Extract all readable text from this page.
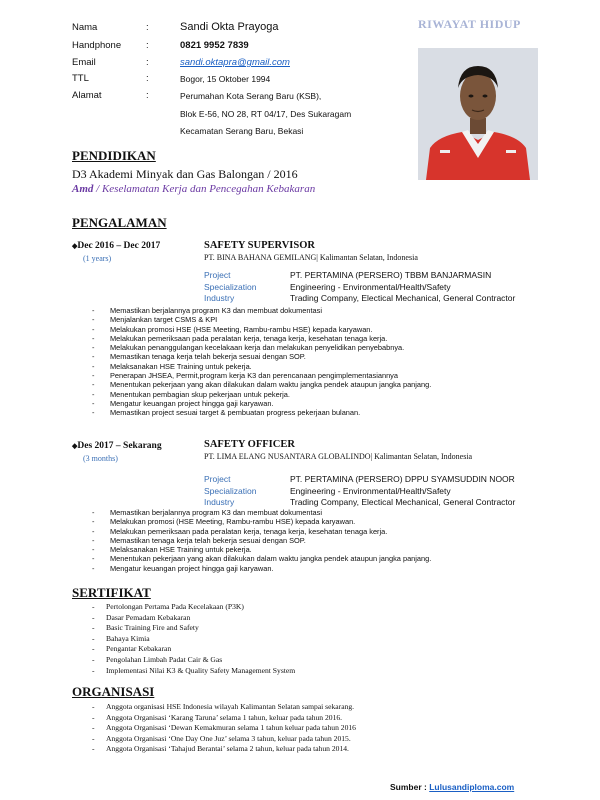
RIWAYAT HIDUP
Nama	:	Sandi Okta Prayoga
Handphone	:	0821 9952 7839
Email	:	sandi.oktapra@gmail.com
TTL	:	Bogor, 15 Oktober 1994
Alamat	:	Perumahan Kota Serang Baru (KSB),
Blok E-56, NO 28, RT 04/17, Des Sukaragam
Kecamatan Serang Baru, Bekasi
PENDIDIKAN
D3 Akademi Minyak dan Gas Balongan / 2016
Amd / Keselamatan Kerja dan Pencegahan Kebakaran
PENGALAMAN
◆Dec 2016 – Dec 2017
(1 years)
SAFETY SUPERVISOR
PT. BINA BAHANA GEMILANG| Kalimantan Selatan, Indonesia
Project	PT. PERTAMINA (PERSERO) TBBM BANJARMASIN
Specialization	Engineering - Environmental/Health/Safety
Industry	Trading Company, Electical Mechanical, General Contractor
- Memastikan berjalannya program K3 dan membuat dokumentasi
- Menjalankan target CSMS & KPI
- Melakukan promosi HSE (HSE Meeting, Rambu-rambu HSE) kepada karyawan.
- Melakukan pemeriksaan pada peralatan kerja, tenaga kerja, kesehatan tenaga kerja.
- Melakukan penanggulangan kecelakaan kerja dan melakukan penyelidikan penyebabnya.
- Memastikan tenaga kerja telah bekerja sesuai dengan SOP.
- Melaksanakan HSE Training untuk pekerja.
- Penerapan JHSEA, Permit,program kerja K3 dan perencanaan pengimplementasiannya
- Menentukan pekerjaan yang akan dilakukan dalam waktu jangka pendek ataupun jangka panjang.
- Menentukan pembagian skup pekerjaan untuk pekerja.
- Mengatur keuangan project hingga gaji karyawan.
- Memastikan project sesuai target & pembuatan progress pekerjaan bulanan.
◆Des 2017 – Sekarang
(3 months)
SAFETY OFFICER
PT. LIMA ELANG NUSANTARA GLOBALINDO| Kalimantan Selatan, Indonesia
Project	PT. PERTAMINA (PERSERO) DPPU SYAMSUDDIN NOOR
Specialization	Engineering - Environmental/Health/Safety
Industry	Trading Company, Electical Mechanical, General Contractor
- Memastikan berjalannya program K3 dan membuat dokumentasi
- Melakukan promosi (HSE Meeting, Rambu-rambu HSE) kepada karyawan.
- Melakukan pemeriksaan pada peralatan kerja, tenaga kerja, kesehatan tenaga kerja.
- Memastikan tenaga kerja telah bekerja sesuai dengan SOP.
- Melaksanakan HSE Training untuk pekerja.
- Menentukan pekerjaan yang akan dilakukan dalam waktu jangka pendek ataupun jangka panjang.
- Mengatur keuangan project hingga gaji karyawan.
SERTIFIKAT
- Pertolongan Pertama Pada Kecelakaan (P3K)
- Dasar Pemadam Kebakaran
- Basic Training Fire and Safety
- Bahaya Kimia
- Pengantar Kebakaran
- Pengolahan Limbah Padat Cair & Gas
- Implementasi Nilai K3 & Quality Safety Management System
ORGANISASI
- Anggota organisasi HSE Indonesia wilayah Kalimantan Selatan sampai sekarang.
- Anggota Organisasi ‘Karang Taruna’ selama 1 tahun, keluar pada tahun 2016.
- Anggota Organisasi ‘Dewan Kemakmuran selama 1 tahun keluar pada tahun 2016
- Anggota Organisasi ‘One Day One Juz’ selama 3 tahun, keluar pada tahun 2015.
- Anggota Organisasi ‘Tahajud Berantai’ selama 2 tahun, keluar pada tahun 2014.
Sumber : Lulusandiploma.com
